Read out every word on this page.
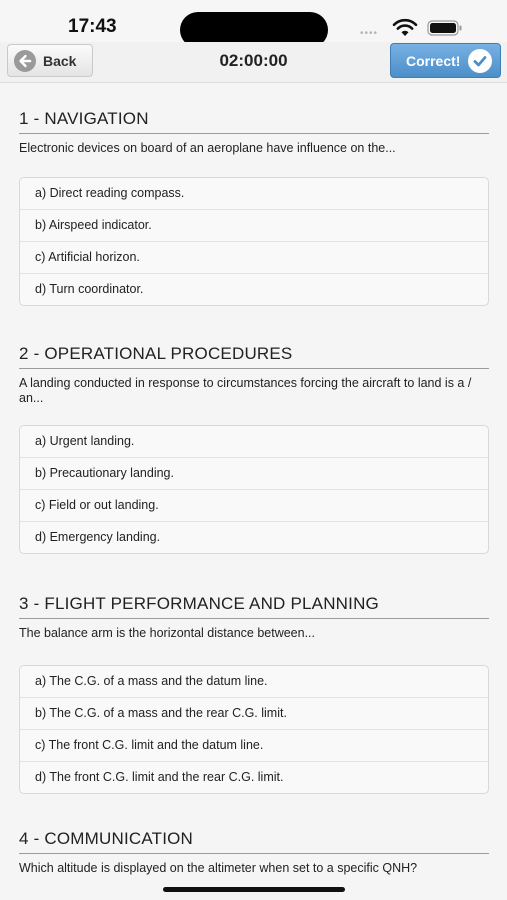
17:43	••••
Back	02:00:00	Correct!
1 - NAVIGATION
Electronic devices on board of an aeroplane have influence on the...
a) Direct reading compass.
b) Airspeed indicator.
c) Artificial horizon.
d) Turn coordinator.
2 - OPERATIONAL PROCEDURES
A landing conducted in response to circumstances forcing the aircraft to land is a / an...
a) Urgent landing.
b) Precautionary landing.
c) Field or out landing.
d) Emergency landing.
3 - FLIGHT PERFORMANCE AND PLANNING
The balance arm is the horizontal distance between...
a) The C.G. of a mass and the datum line.
b) The C.G. of a mass and the rear C.G. limit.
c) The front C.G. limit and the datum line.
d) The front C.G. limit and the rear C.G. limit.
4 - COMMUNICATION
Which altitude is displayed on the altimeter when set to a specific QNH?
